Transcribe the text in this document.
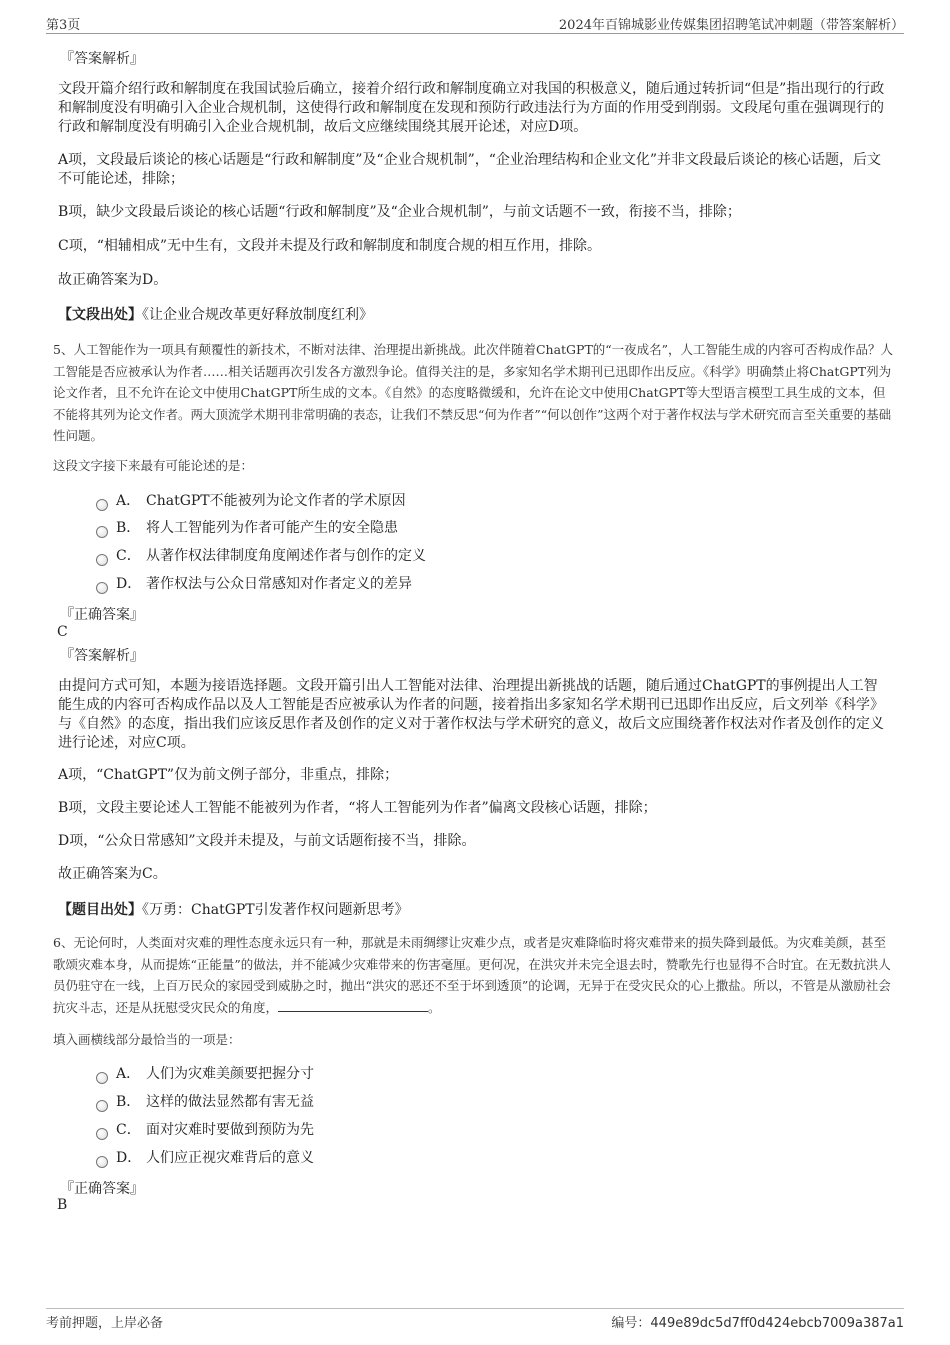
第3页	2024年百锦城影业传媒集团招聘笔试冲刺题（带答案解析）
『答案解析』

文段开篇介绍行政和解制度在我国试验后确立，接着介绍行政和解制度确立对我国的积极意义，随后通过转折词“但是”指出现行的行政和解制度没有明确引入企业合规机制，这使得行政和解制度在发现和预防行政违法行为方面的作用受到削弱。文段尾句重在强调现行的行政和解制度没有明确引入企业合规机制，故后文应继续围绕其展开论述，对应D项。

A项，文段最后谈论的核心话题是“行政和解制度”及“企业合规机制”，“企业治理结构和企业文化”并非文段最后谈论的核心话题，后文不可能论述，排除；

B项，缺少文段最后谈论的核心话题“行政和解制度”及“企业合规机制”，与前文话题不一致，衔接不当，排除；

C项，“相辅相成”无中生有，文段并未提及行政和解制度和制度合规的相互作用，排除。

故正确答案为D。

【文段出处】《让企业合规改革更好释放制度红利》
5、人工智能作为一项具有颠覆性的新技术，不断对法律、治理提出新挑战。此次伴随着ChatGPT的“一夜成名”，人工智能生成的内容可否构成作品？人工智能是否应被承认为作者……相关话题再次引发各方激烈争论。值得关注的是，多家知名学术期刊已迅即作出反应。《科学》明确禁止将ChatGPT列为论文作者，且不允许在论文中使用ChatGPT所生成的文本。《自然》的态度略微缓和，允许在论文中使用ChatGPT等大型语言模型工具生成的文本，但不能将其列为论文作者。两大顶流学术期刊非常明确的表态，让我们不禁反思“何为作者”“何以创作”这两个对于著作权法与学术研究而言至关重要的基础性问题。
这段文字接下来最有可能论述的是：
A． ChatGPT不能被列为论文作者的学术原因
B． 将人工智能列为作者可能产生的安全隐患
C． 从著作权法律制度角度阐述作者与创作的定义
D． 著作权法与公众日常感知对作者定义的差异
『正确答案』
C
『答案解析』

由提问方式可知，本题为接语选择题。文段开篇引出人工智能对法律、治理提出新挑战的话题，随后通过ChatGPT的事例提出人工智能生成的内容可否构成作品以及人工智能是否应被承认为作者的问题，接着指出多家知名学术期刊已迅即作出反应，后文列举《科学》与《自然》的态度，指出我们应该反思作者及创作的定义对于著作权法与学术研究的意义，故后文应围绕著作权法对作者及创作的定义进行论述，对应C项。

A项，“ChatGPT”仅为前文例子部分，非重点，排除；

B项，文段主要论述人工智能不能被列为作者，“将人工智能列为作者”偏离文段核心话题，排除；

D项，“公众日常感知”文段并未提及，与前文话题衔接不当，排除。

故正确答案为C。

【题目出处】《万勇：ChatGPT引发著作权问题新思考》
6、无论何时，人类面对灾难的理性态度永远只有一种，那就是未雨绸缪让灾难少点，或者是灾难降临时将灾难带来的损失降到最低。为灾难美颜，甚至歌颂灾难本身，从而提炼“正能量”的做法，并不能减少灾难带来的伤害毫厘。更何况，在洪灾并未完全退去时，赞歌先行也显得不合时宜。在无数抗洪人员仍驻守在一线，上百万民众的家园受到威胁之时，抛出“洪灾的恶还不至于坏到透顶”的论调，无异于在受灾民众的心上撒盐。所以，不管是从激励社会抗灾斗志，还是从抚慰受灾民众的角度，	。
填入画横线部分最恰当的一项是：
A． 人们为灾难美颜要把握分寸
B． 这样的做法显然都有害无益
C． 面对灾难时要做到预防为先
D． 人们应正视灾难背后的意义
『正确答案』
B
考前押题，上岸必备	编号：449e89dc5d7ff0d424ebcb7009a387a1
